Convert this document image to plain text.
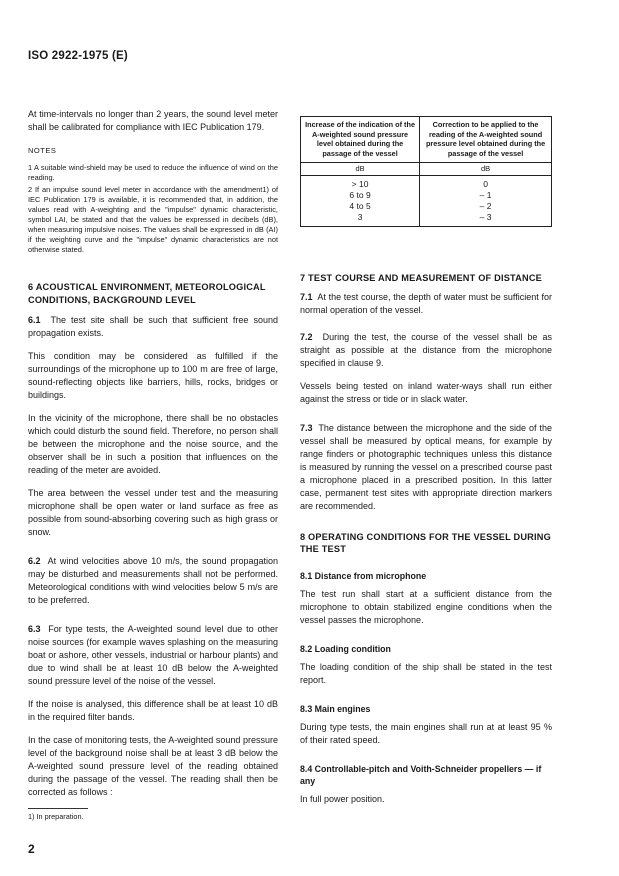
ISO 2922-1975 (E)

At time-intervals no longer than 2 years, the sound level meter shall be calibrated for compliance with IEC Publication 179.

NOTES

1 A suitable wind-shield may be used to reduce the influence of wind on the reading.

2 If an impulse sound level meter in accordance with the amendment1) of IEC Publication 179 is available, it is recommended that, in addition, the values read with A-weighting and the "impulse" dynamic characteristic, symbol LAI, be stated and that the values be expressed in decibels (dB), when measuring impulsive noises. The values shall be expressed in dB (AI) if the weighting curve and the "impulse" dynamic characteristics are not otherwise stated.

6 ACOUSTICAL ENVIRONMENT, METEOROLOGICAL CONDITIONS, BACKGROUND LEVEL

6.1 The test site shall be such that sufficient free sound propagation exists.

This condition may be considered as fulfilled if the surroundings of the microphone up to 100 m are free of large, sound-reflecting objects like barriers, hills, rocks, bridges or buildings.

In the vicinity of the microphone, there shall be no obstacles which could disturb the sound field. Therefore, no person shall be between the microphone and the noise source, and the observer shall be in such a position that influences on the reading of the meter are avoided.

The area between the vessel under test and the measuring microphone shall be open water or land surface as free as possible from sound-absorbing covering such as high grass or snow.

6.2 At wind velocities above 10 m/s, the sound propagation may be disturbed and measurements shall not be performed. Meteorological conditions with wind velocities below 5 m/s are to be preferred.

6.3 For type tests, the A-weighted sound level due to other noise sources (for example waves splashing on the measuring boat or ashore, other vessels, industrial or harbour plants) and due to wind shall be at least 10 dB below the A-weighted sound pressure level of the noise of the vessel.

If the noise is analysed, this difference shall be at least 10 dB in the required filter bands.

In the case of monitoring tests, the A-weighted sound pressure level of the background noise shall be at least 3 dB below the A-weighted sound pressure level of the reading obtained during the passage of the vessel. The reading shall then be corrected as follows :

Increase of the indication of the A-weighted sound pressure level obtained during the passage of the vessel	Correction to be applied to the reading of the A-weighted sound pressure level obtained during the passage of the vessel
dB	dB
> 10	0
6 to 9	– 1
4 to 5	– 2
3	– 3
7 TEST COURSE AND MEASUREMENT OF DISTANCE

7.1 At the test course, the depth of water must be sufficient for normal operation of the vessel.

7.2 During the test, the course of the vessel shall be as straight as possible at the distance from the microphone specified in clause 9.

Vessels being tested on inland water-ways shall run either against the stress or tide or in slack water.

7.3 The distance between the microphone and the side of the vessel shall be measured by optical means, for example by range finders or photographic techniques unless this distance is measured by running the vessel on a prescribed course past a microphone placed in a prescribed position. In this latter case, permanent test sites with appropriate direction markers are recommended.

8 OPERATING CONDITIONS FOR THE VESSEL DURING THE TEST
8.1 Distance from microphone

The test run shall start at a sufficient distance from the microphone to obtain stabilized engine conditions when the vessel passes the microphone.

8.2 Loading condition

The loading condition of the ship shall be stated in the test report.

8.3 Main engines

During type tests, the main engines shall run at at least 95 % of their rated speed.

8.4 Controllable-pitch and Voith-Schneider propellers — if any

In full power position.

1) In preparation.
2
